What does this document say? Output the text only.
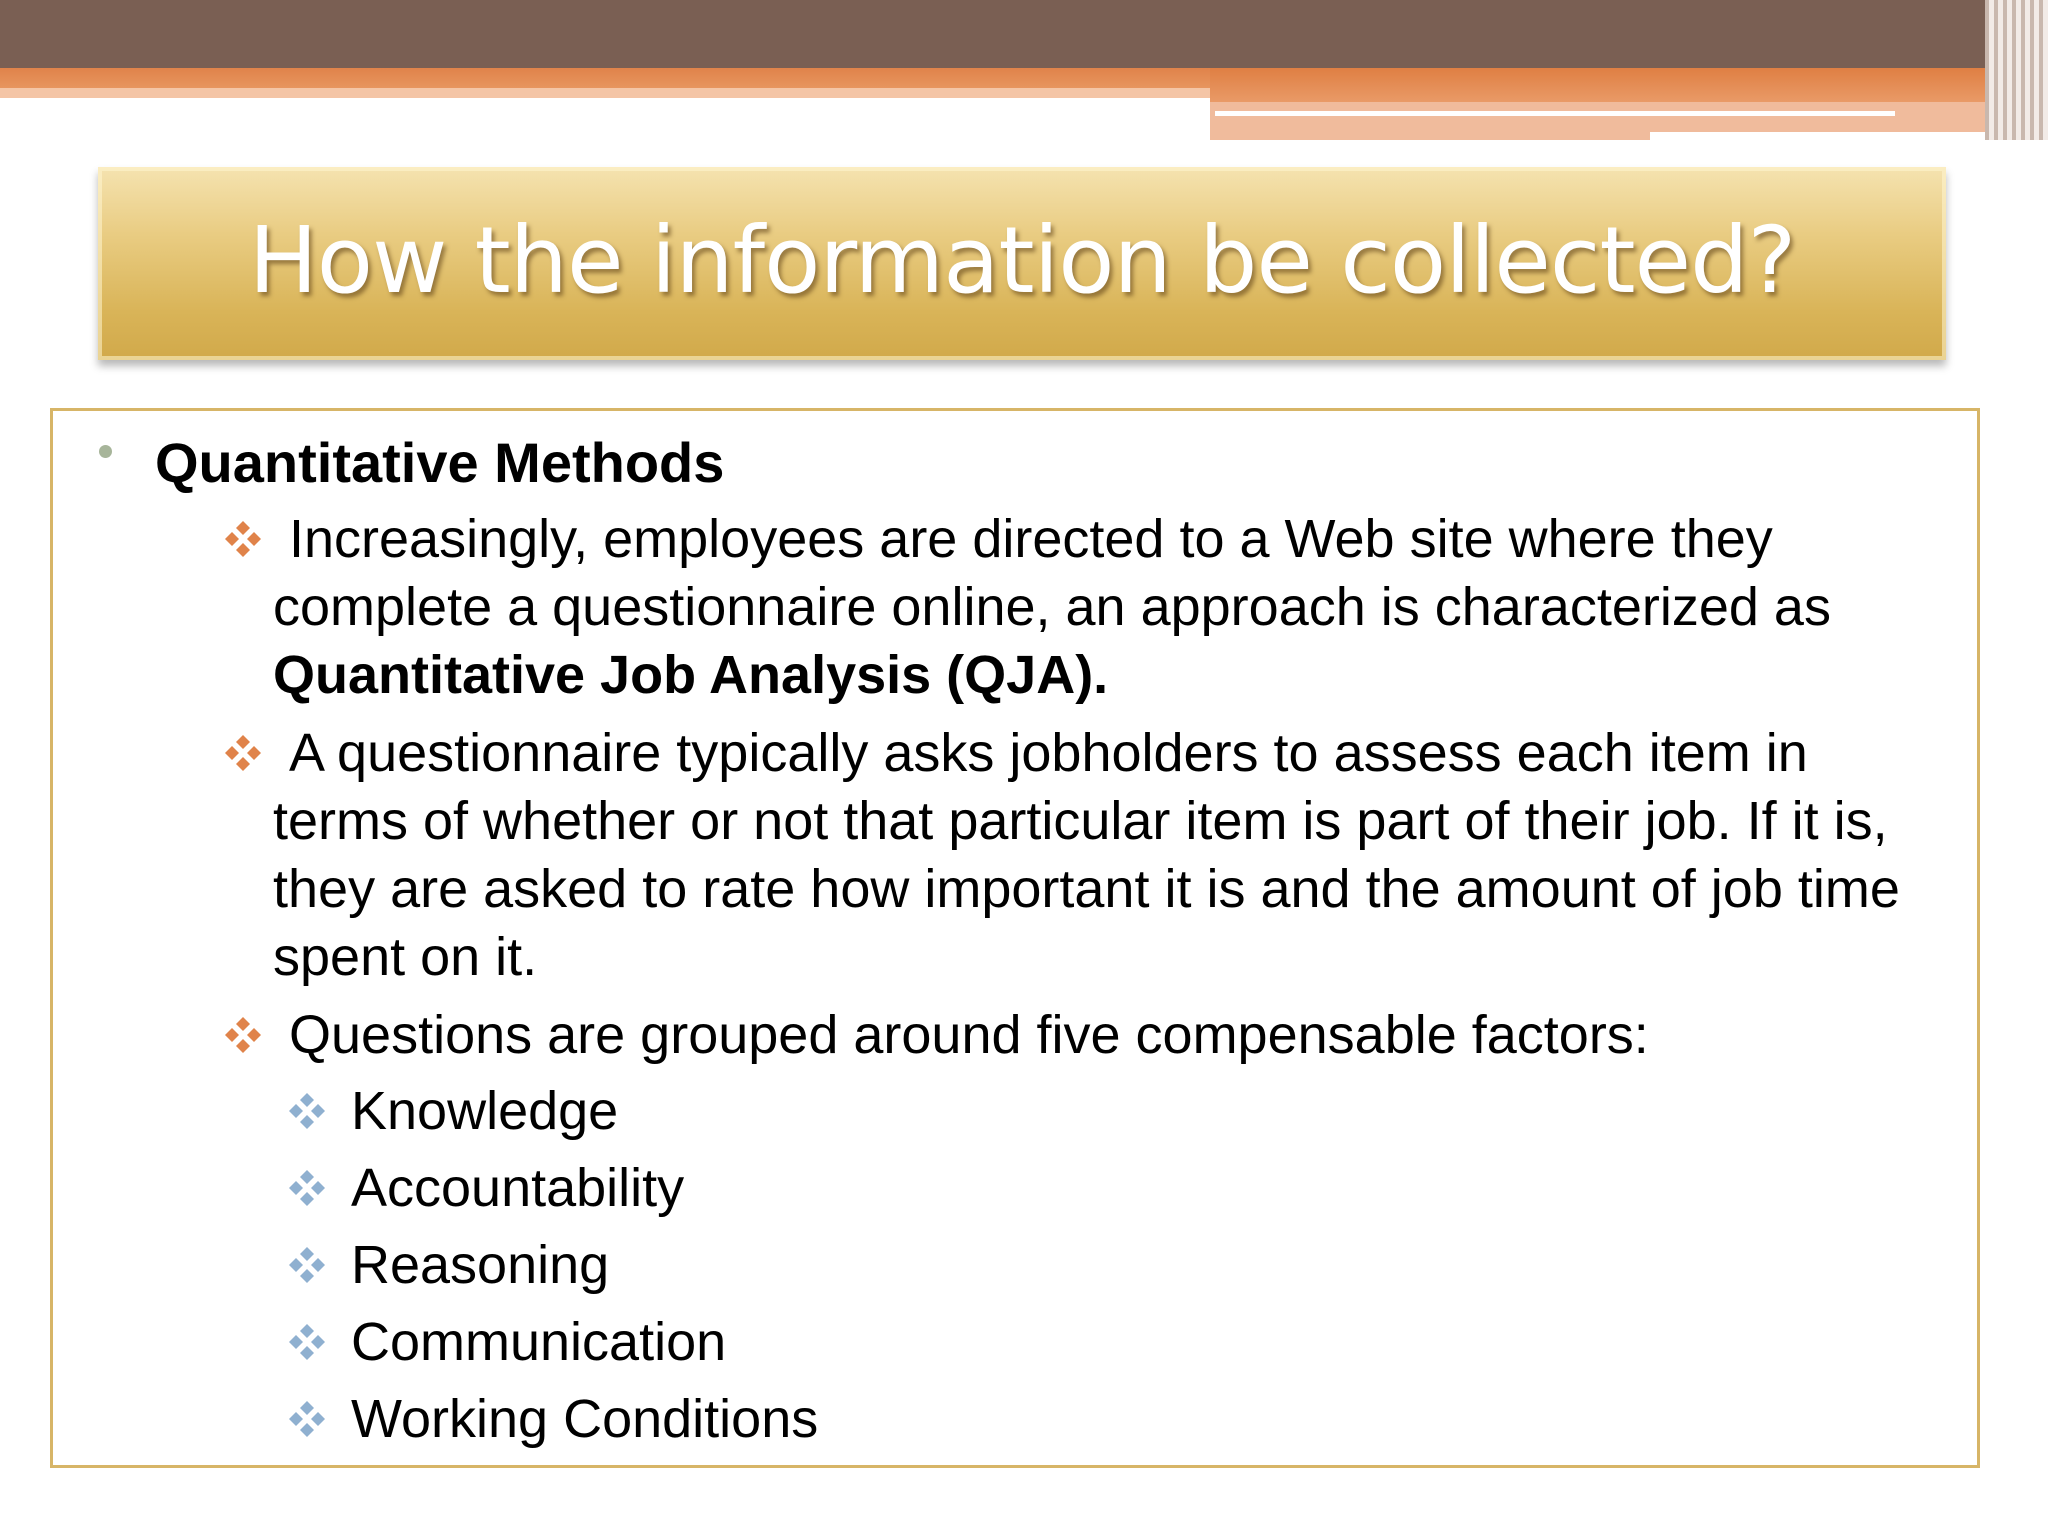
How the information be collected?
Quantitative Methods
Increasingly, employees are directed to a Web site where they
complete a questionnaire online, an approach is characterized as
Quantitative Job Analysis (QJA).
A questionnaire typically asks jobholders to assess each item in
terms of whether or not that particular item is part of their job. If it is, they are asked to rate how important it is and the amount of job time spent on it.
Questions are grouped around five compensable factors:
Knowledge
Accountability
Reasoning
Communication
Working Conditions
